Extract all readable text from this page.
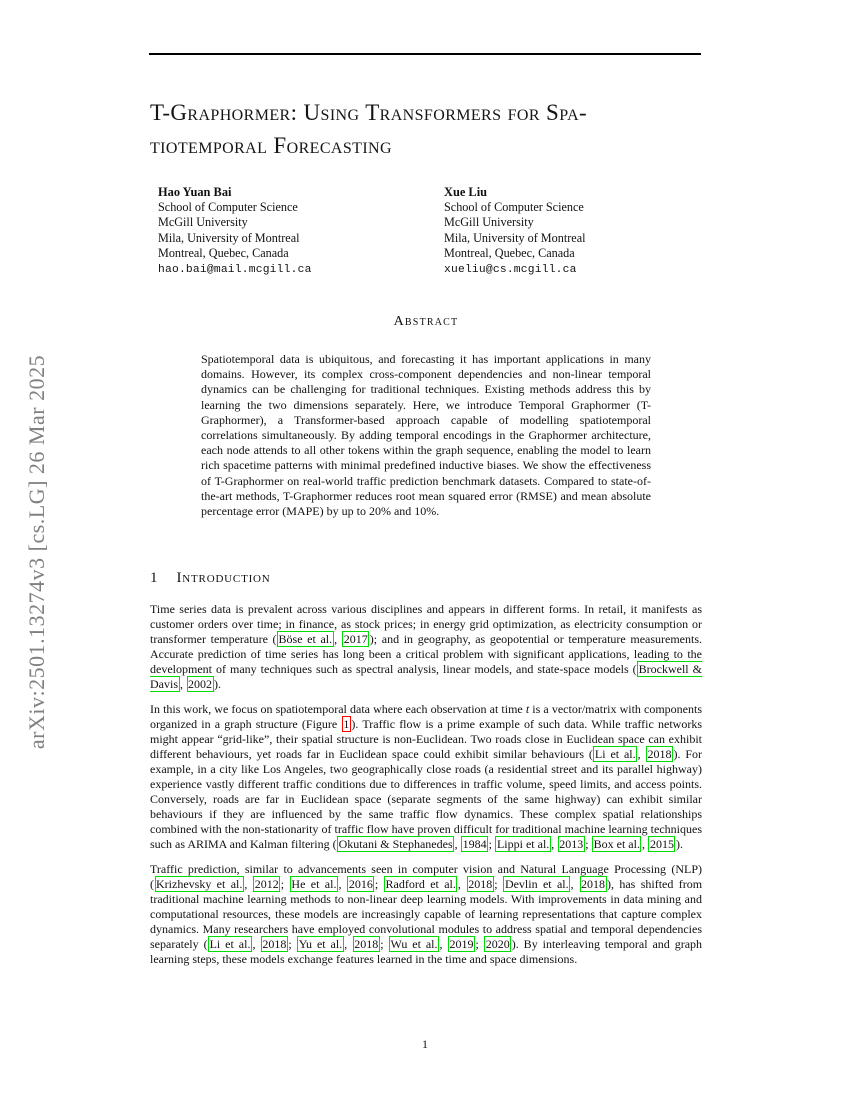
arXiv:2501.13274v3 [cs.LG] 26 Mar 2025
T-Graphormer: Using Transformers for Spa-
tiotemporal Forecasting
Hao Yuan Bai
School of Computer Science
McGill University
Mila, University of Montreal
Montreal, Quebec, Canada
hao.bai@mail.mcgill.ca
Xue Liu
School of Computer Science
McGill University
Mila, University of Montreal
Montreal, Quebec, Canada
xueliu@cs.mcgill.ca
Abstract

Spatiotemporal data is ubiquitous, and forecasting it has important applications in many domains. However, its complex cross-component dependencies and non-linear temporal dynamics can be challenging for traditional techniques. Existing methods address this by learning the two dimensions separately. Here, we introduce Temporal Graphormer (T-Graphormer), a Transformer-based approach capable of modelling spatiotemporal correlations simultaneously. By adding temporal encodings in the Graphormer architecture, each node attends to all other tokens within the graph sequence, enabling the model to learn rich spacetime patterns with minimal predefined inductive biases. We show the effectiveness of T-Graphormer on real-world traffic prediction benchmark datasets. Compared to state-of-the-art methods, T-Graphormer reduces root mean squared error (RMSE) and mean absolute percentage error (MAPE) by up to 20% and 10%.

1 Introduction

Time series data is prevalent across various disciplines and appears in different forms. In retail, it manifests as customer orders over time; in finance, as stock prices; in energy grid optimization, as electricity consumption or transformer temperature ( Böse et al. , 2017 ); and in geography, as geopotential or temperature measurements. Accurate prediction of time series has long been a critical problem with significant applications, leading to the development of many techniques such as spectral analysis, linear models, and state-space models ( Brockwell & Davis , 2002 ).

In this work, we focus on spatiotemporal data where each observation at time t is a vector/matrix with components organized in a graph structure (Figure 1 ). Traffic flow is a prime example of such data. While traffic networks might appear “grid-like”, their spatial structure is non-Euclidean. Two roads close in Euclidean space can exhibit different behaviours, yet roads far in Euclidean space could exhibit similar behaviours ( Li et al. , 2018 ). For example, in a city like Los Angeles, two geographically close roads (a residential street and its parallel highway) experience vastly different traffic conditions due to differences in traffic volume, speed limits, and access points. Conversely, roads are far in Euclidean space (separate segments of the same highway) can exhibit similar behaviours if they are influenced by the same traffic flow dynamics. These complex spatial relationships combined with the non-stationarity of traffic flow have proven difficult for traditional machine learning techniques such as ARIMA and Kalman filtering ( Okutani & Stephanedes , 1984 ; Lippi et al. , 2013 ; Box et al. , 2015 ).

Traffic prediction, similar to advancements seen in computer vision and Natural Language Processing (NLP) ( Krizhevsky et al. , 2012 ; He et al. , 2016 ; Radford et al. , 2018 ; Devlin et al. , 2018 ), has shifted from traditional machine learning methods to non-linear deep learning models. With improvements in data mining and computational resources, these models are increasingly capable of learning representations that capture complex dynamics. Many researchers have employed convolutional modules to address spatial and temporal dependencies separately ( Li et al. , 2018 ; Yu et al. , 2018 ; Wu et al. , 2019 ; 2020 ). By interleaving temporal and graph learning steps, these models exchange features learned in the time and space dimensions.

1
